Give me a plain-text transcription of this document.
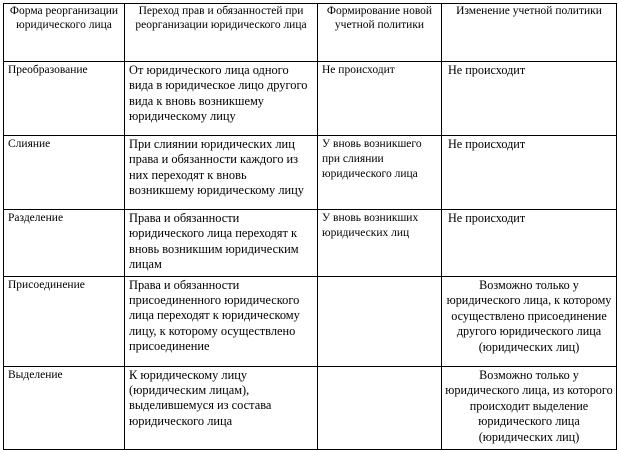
Форма реорганизации юридического лица	Переход прав и обязанностей при реорганизации юридического лица	Формирование новой учетной политики	Изменение учетной политики
Преобразование	От юридического лица одного вида в юридическое лицо другого вида к вновь возникшему юридическому лицу	Не происходит	Не происходит
Слияние	При слиянии юридических лиц права и обязанности каждого из них переходят к вновь возникшему юридическому лицу	У вновь возникшего при слиянии юридического лица	Не происходит
Разделение	Права и обязанности юридического лица переходят к вновь возникшим юридическим лицам	У вновь возникших юридических лиц	Не происходит
Присоединение	Права и обязанности присоединенного юридического лица переходят к юридическому лицу, к которому осуществлено присоединение		Возможно только у юридического лица, к которому осуществлено присоединение другого юридического лица (юридических лиц)
Выделение	К юридическому лицу (юридическим лицам), выделившемуся из состава юридического лица		Возможно только у юридического лица, из которого происходит выделение юридического лица (юридических лиц)
